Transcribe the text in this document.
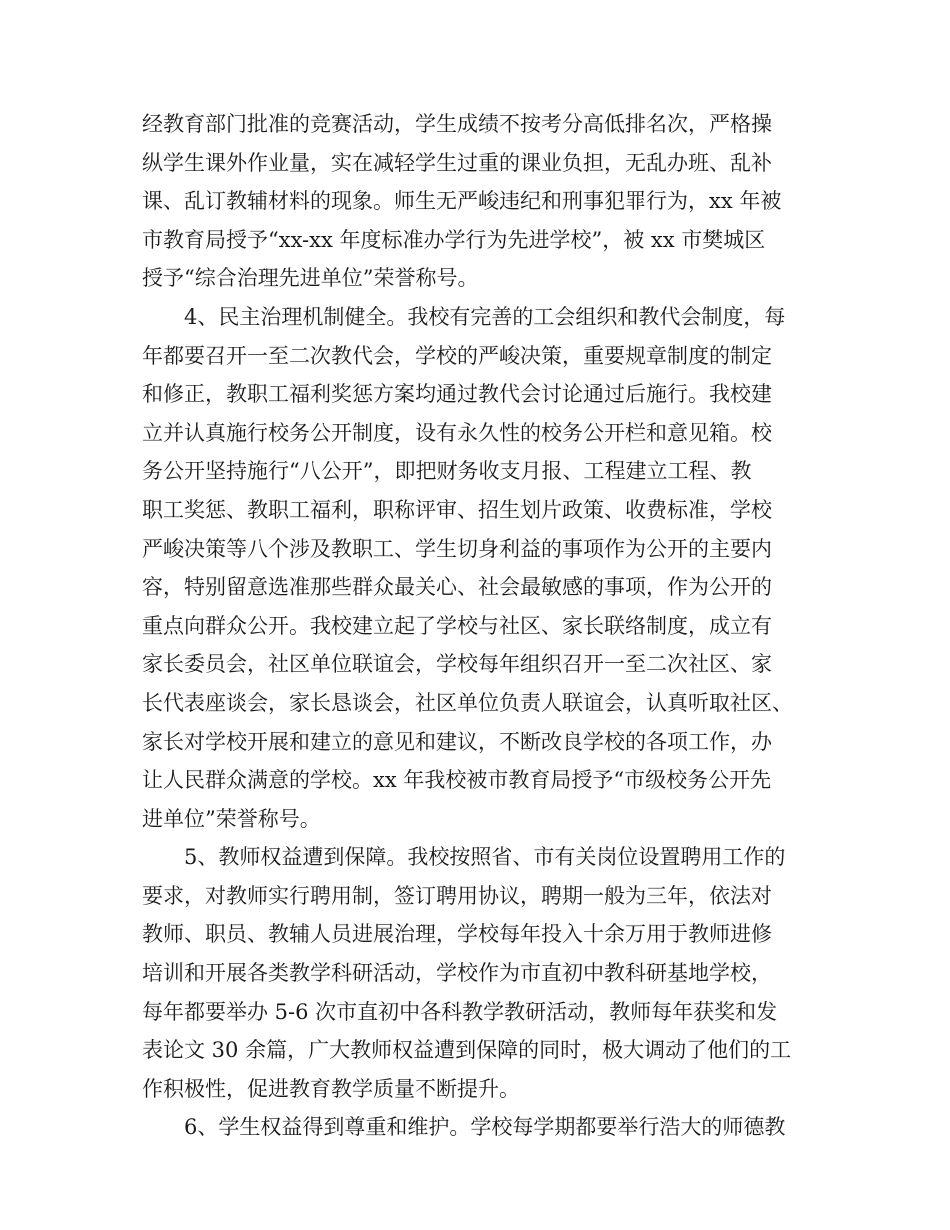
经教育部门批准的竞赛活动，学生成绩不按考分高低排名次，严格操
纵学生课外作业量，实在减轻学生过重的课业负担，无乱办班、乱补
课、乱订教辅材料的现象。师生无严峻违纪和刑事犯罪行为，xx 年被
市教育局授予“xx-xx 年度标准办学行为先进学校”，被 xx 市樊城区
授予“综合治理先进单位”荣誉称号。
　　4、民主治理机制健全。我校有完善的工会组织和教代会制度，每
年都要召开一至二次教代会，学校的严峻决策，重要规章制度的制定
和修正，教职工福利奖惩方案均通过教代会讨论通过后施行。我校建
立并认真施行校务公开制度，设有永久性的校务公开栏和意见箱。校
务公开坚持施行“八公开”，即把财务收支月报、工程建立工程、教
职工奖惩、教职工福利，职称评审、招生划片政策、收费标准，学校
严峻决策等八个涉及教职工、学生切身利益的事项作为公开的主要内
容，特别留意选准那些群众最关心、社会最敏感的事项，作为公开的
重点向群众公开。我校建立起了学校与社区、家长联络制度，成立有
家长委员会，社区单位联谊会，学校每年组织召开一至二次社区、家
长代表座谈会，家长恳谈会，社区单位负责人联谊会，认真听取社区、
家长对学校开展和建立的意见和建议，不断改良学校的各项工作，办
让人民群众满意的学校。xx 年我校被市教育局授予“市级校务公开先
进单位”荣誉称号。
　　5、教师权益遭到保障。我校按照省、市有关岗位设置聘用工作的
要求，对教师实行聘用制，签订聘用协议，聘期一般为三年，依法对
教师、职员、教辅人员进展治理，学校每年投入十余万用于教师进修
培训和开展各类教学科研活动，学校作为市直初中教科研基地学校，
每年都要举办 5-6 次市直初中各科教学教研活动，教师每年获奖和发
表论文 30 余篇，广大教师权益遭到保障的同时，极大调动了他们的工
作积极性，促进教育教学质量不断提升。
　　6、学生权益得到尊重和维护。学校每学期都要举行浩大的师德教
